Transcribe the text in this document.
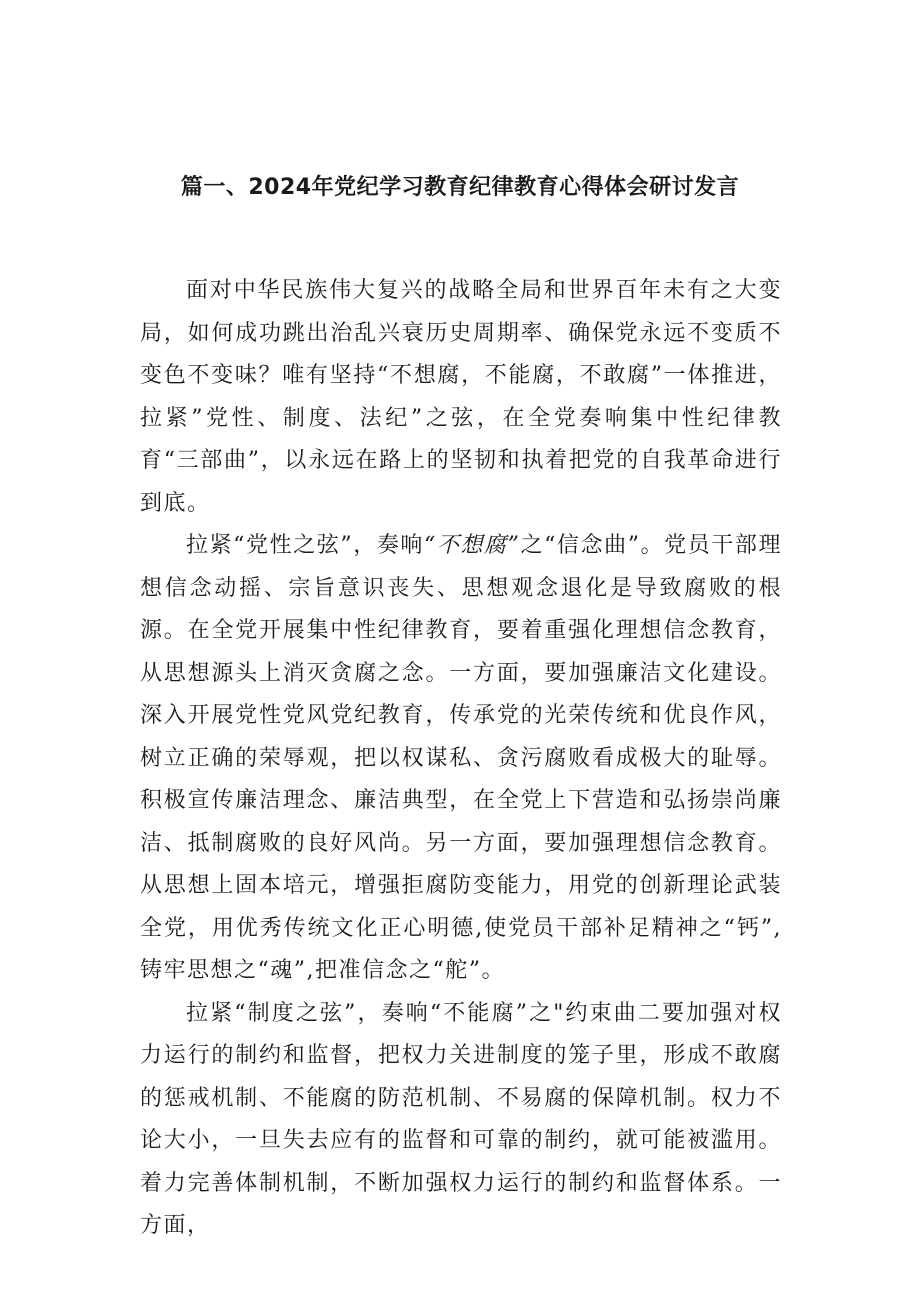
篇一、2024年党纪学习教育纪律教育心得体会研讨发言

面对中华民族伟大复兴的战略全局和世界百年未有之大变局，如何成功跳出治乱兴衰历史周期率、确保党永远不变质不变色不变味？唯有坚持“不想腐，不能腐，不敢腐”一体推进，拉紧”党性、制度、法纪”之弦，在全党奏响集中性纪律教育“三部曲”，以永远在路上的坚韧和执着把党的自我革命进行到底。

拉紧“党性之弦”，奏响“不想腐”之“信念曲”。党员干部理想信念动摇、宗旨意识丧失、思想观念退化是导致腐败的根源。在全党开展集中性纪律教育，要着重强化理想信念教育，从思想源头上消灭贪腐之念。一方面，要加强廉洁文化建设。深入开展党性党风党纪教育，传承党的光荣传统和优良作风，树立正确的荣辱观，把以权谋私、贪污腐败看成极大的耻辱。积极宣传廉洁理念、廉洁典型，在全党上下营造和弘扬崇尚廉洁、抵制腐败的良好风尚。另一方面，要加强理想信念教育。从思想上固本培元，增强拒腐防变能力，用党的创新理论武装全党，用优秀传统文化正心明德,使党员干部补足精神之“钙”,铸牢思想之“魂”,把准信念之“舵”。

拉紧“制度之弦”，奏响“不能腐”之"约束曲二要加强对权力运行的制约和监督，把权力关进制度的笼子里，形成不敢腐的惩戒机制、不能腐的防范机制、不易腐的保障机制。权力不论大小，一旦失去应有的监督和可靠的制约，就可能被滥用。着力完善体制机制，不断加强权力运行的制约和监督体系。一方面，
